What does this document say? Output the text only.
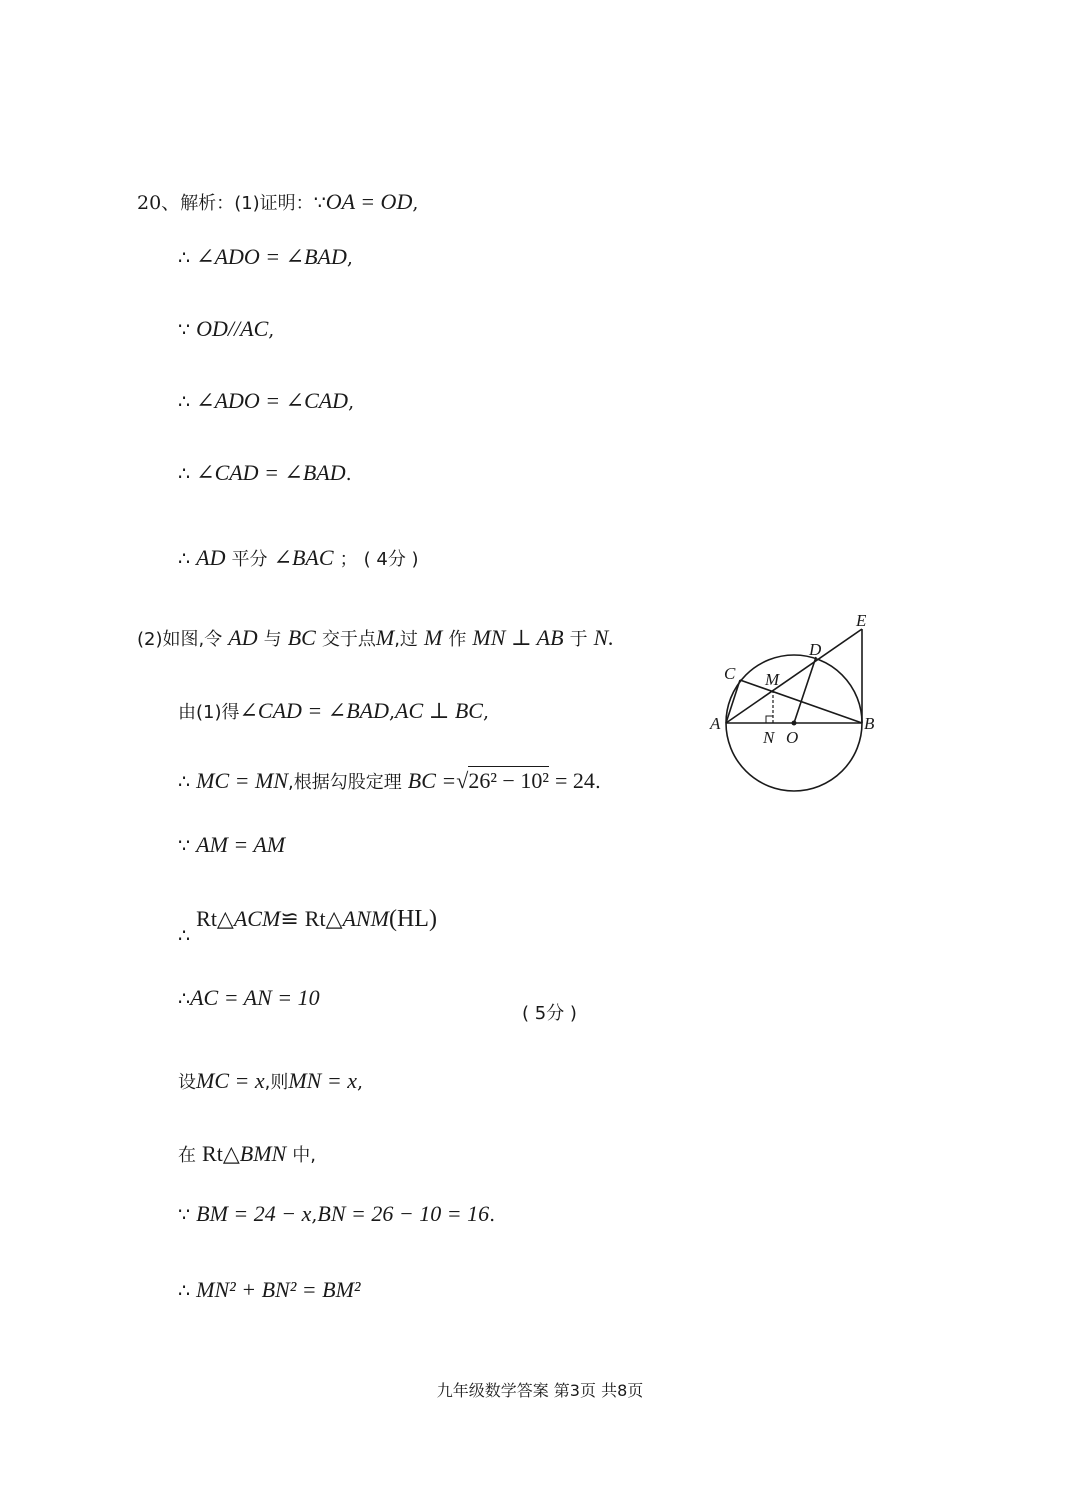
20、解析：(1)证明：∵OA = OD,
∴ ∠ADO = ∠BAD,
∵ OD//AC,
∴ ∠ADO = ∠CAD,
∴ ∠CAD = ∠BAD.
∴ AD 平分 ∠BAC ； ( 4分 )
(2)如图,令 AD 与 BC 交于点M,过 M 作 MN ⊥ AB 于 N.
由(1)得∠CAD = ∠BAD,AC ⊥ BC,
∴ MC = MN,根据勾股定理 BC =√26² − 10² = 24.
∵ AM = AM
∴ Rt△ACM≌ Rt△ANM(HL)
∴AC = AN = 10
( 5分 )
设MC = x,则MN = x,
在 Rt△BMN 中,
∵ BM = 24 − x,BN = 26 − 10 = 16.
∴ MN² + BN² = BM²
A	B
C
D
E
M
N O
九年级数学答案 第3页 共8页
